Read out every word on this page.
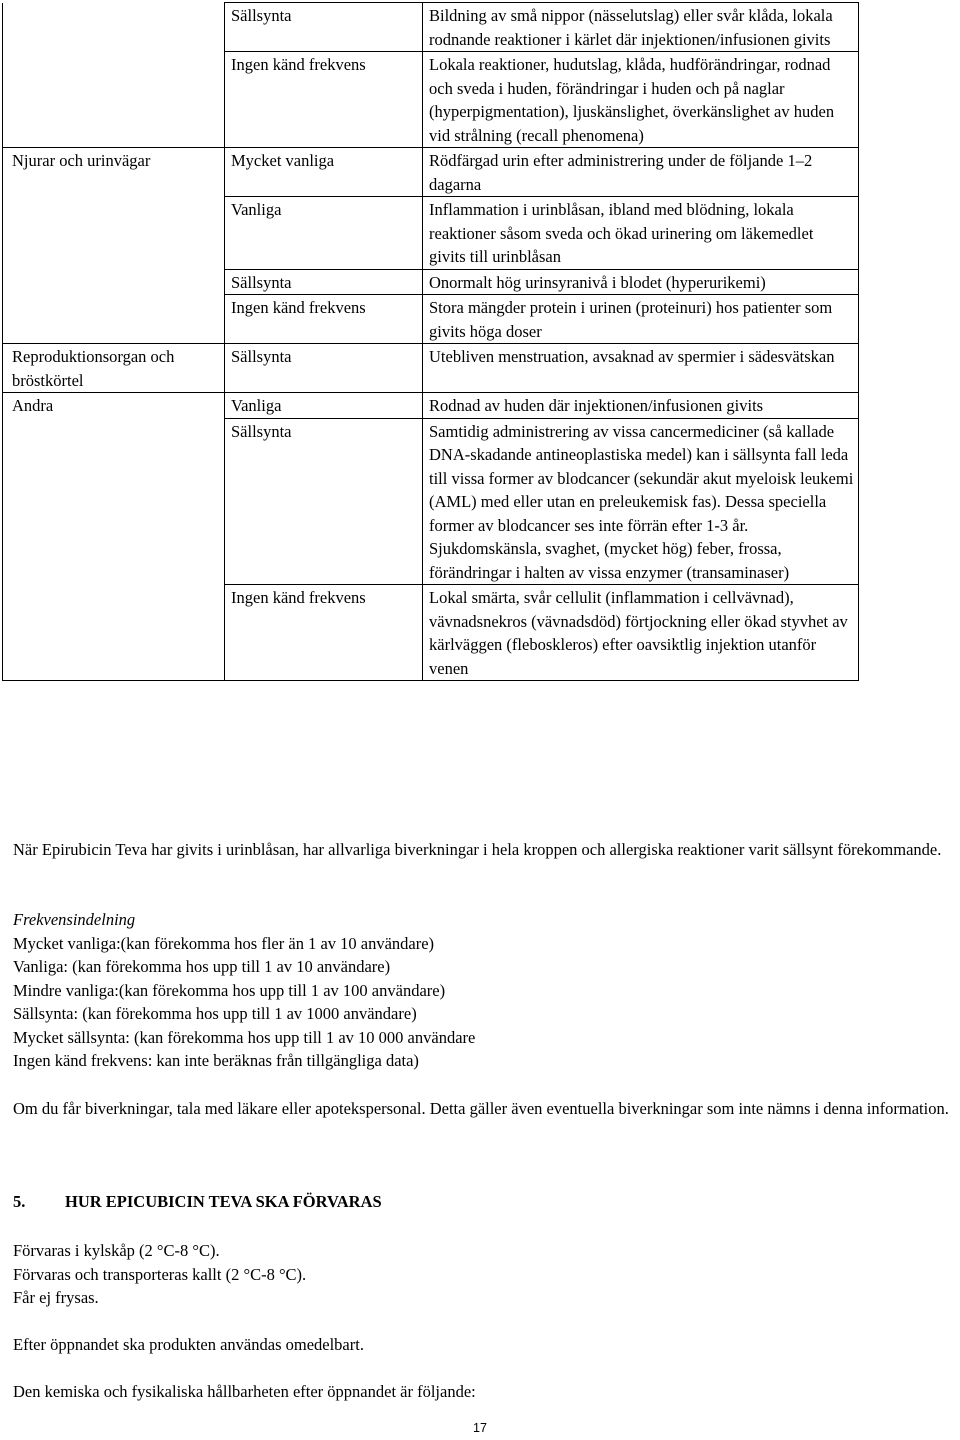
	Sällsynta	Bildning av små nippor (nässelutslag) eller svår klåda, lokala rodnande reaktioner i kärlet där injektionen/infusionen givits
	Ingen känd frekvens	Lokala reaktioner, hudutslag, klåda, hudförändringar, rodnad och sveda i huden, förändringar i huden och på naglar (hyperpigmentation), ljuskänslighet, överkänslighet av huden vid strålning (recall phenomena)
Njurar och urinvägar	Mycket vanliga	Rödfärgad urin efter administrering under de följande 1–2 dagarna
	Vanliga	Inflammation i urinblåsan, ibland med blödning, lokala reaktioner såsom sveda och ökad urinering om läkemedlet givits till urinblåsan
	Sällsynta	Onormalt hög urinsyranivå i blodet (hyperurikemi)
	Ingen känd frekvens	Stora mängder protein i urinen (proteinuri) hos patienter som givits höga doser
Reproduktionsorgan och bröstkörtel	Sällsynta	Utebliven menstruation, avsaknad av spermier i sädesvätskan
Andra	Vanliga	Rodnad av huden där injektionen/infusionen givits
	Sällsynta	Samtidig administrering av vissa cancermediciner (så kallade DNA-skadande antineoplastiska medel) kan i sällsynta fall leda till vissa former av blodcancer (sekundär akut myeloisk leukemi (AML) med eller utan en preleukemisk fas). Dessa speciella former av blodcancer ses inte förrän efter 1-3 år. Sjukdomskänsla, svaghet, (mycket hög) feber, frossa, förändringar i halten av vissa enzymer (transaminaser)
	Ingen känd frekvens	Lokal smärta, svår cellulit (inflammation i cellvävnad), vävnadsnekros (vävnadsdöd) förtjockning eller ökad styvhet av kärlväggen (fleboskleros) efter oavsiktlig injektion utanför venen

När Epirubicin Teva har givits i urinblåsan, har allvarliga biverkningar i hela kroppen och allergiska reaktioner varit sällsynt förekommande.

Frekvensindelning
Mycket vanliga:(kan förekomma hos fler än 1 av 10 användare)
Vanliga: (kan förekomma hos upp till 1 av 10 användare)
Mindre vanliga:(kan förekomma hos upp till 1 av 100 användare)
Sällsynta: (kan förekomma hos upp till 1 av 1000 användare)
Mycket sällsynta: (kan förekomma hos upp till 1 av 10 000 användare
Ingen känd frekvens: kan inte beräknas från tillgängliga data)

Om du får biverkningar, tala med läkare eller apotekspersonal. Detta gäller även eventuella biverkningar som inte nämns i denna information.

5. HUR EPICUBICIN TEVA SKA FÖRVARAS

Förvaras i kylskåp (2 °C-8 °C).
Förvaras och transporteras kallt (2 °C-8 °C).
Får ej frysas.
Efter öppnandet ska produkten användas omedelbart.
Den kemiska och fysikaliska hållbarheten efter öppnandet är följande:
17
